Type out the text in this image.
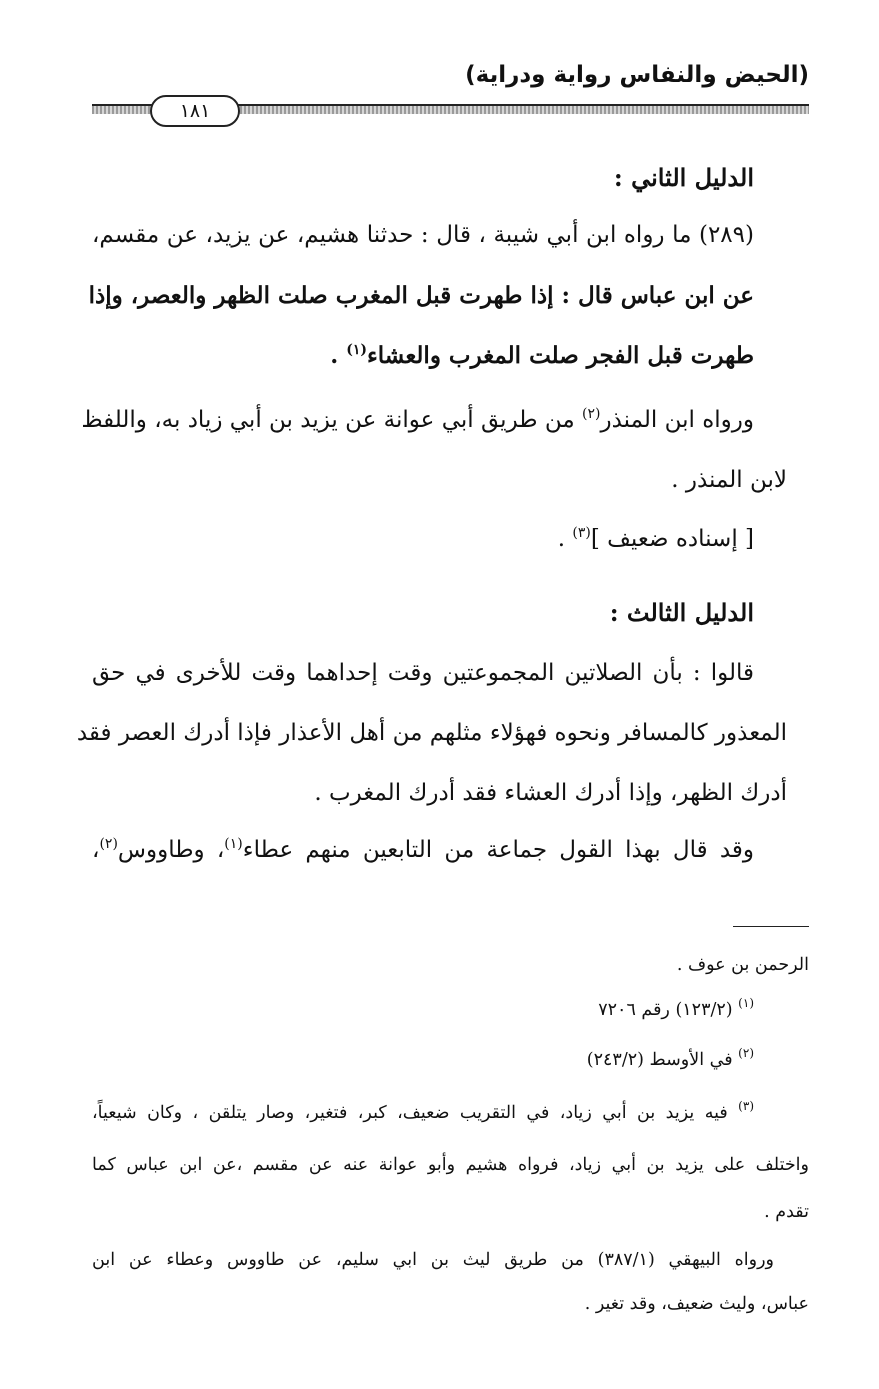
(الحيض والنفاس رواية ودراية)
١٨١
الدليل الثاني :
(٢٨٩) ما رواه ابن أبي شيبة ، قال : حدثنا هشيم، عن يزيد، عن مقسم،
عن ابن عباس قال : إذا طهرت قبل المغرب صلت الظهر والعصر، وإذا
طهرت قبل الفجر صلت المغرب والعشاء$^{(١)}$ .
ورواه ابن المنذر$^{(٢)}$ من طريق أبي عوانة عن يزيد بن أبي زياد به، واللفظ
لابن المنذر .
[ إسناده ضعيف ]$^{(٣)}$ .
الدليل الثالث :
قالوا : بأن الصلاتين المجموعتين وقت إحداهما وقت للأخرى في حق
المعذور كالمسافر ونحوه فهؤلاء مثلهم من أهل الأعذار فإذا أدرك العصر فقد
أدرك الظهر، وإذا أدرك العشاء فقد أدرك المغرب .
وقد قال بهذا القول جماعة من التابعين منهم عطاء$^{(١)}$، وطاووس$^{(٢)}$،
الرحمن بن عوف .
$^{(١)}$ (١٢٣/٢) رقم ٧٢٠٦
$^{(٢)}$ في الأوسط (٢٤٣/٢)
$^{(٣)}$ فيه يزيد بن أبي زياد، في التقريب ضعيف، كبر، فتغير، وصار يتلقن ، وكان شيعياً،
واختلف على يزيد بن أبي زياد، فرواه هشيم وأبو عوانة عنه عن مقسم ،عن ابن عباس كما
تقدم .
ورواه البيهقي (٣٨٧/١) من طريق ليث بن ابي سليم، عن طاووس وعطاء عن ابن
عباس، وليث ضعيف، وقد تغير .
